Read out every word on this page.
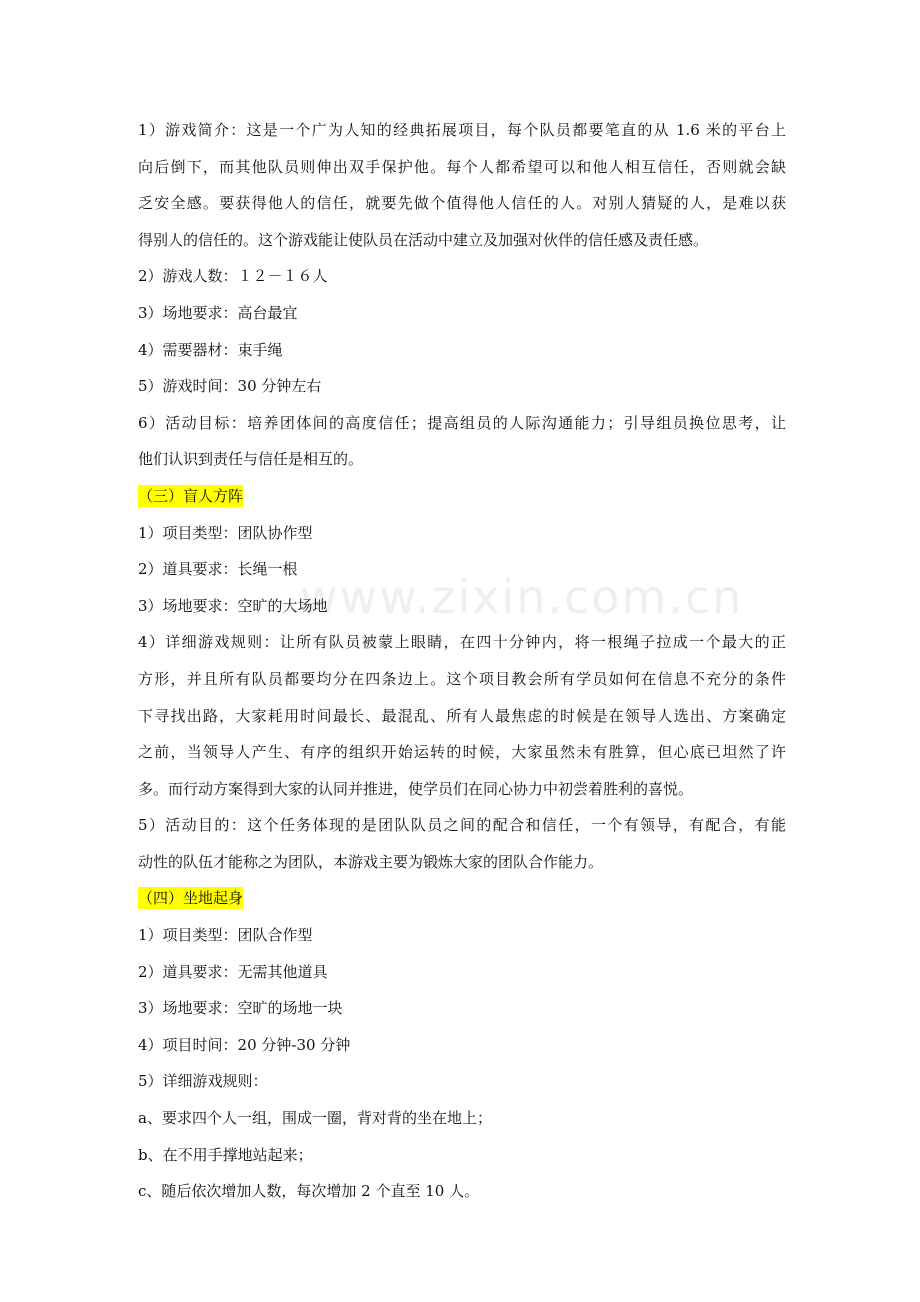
www.zixin.com.cn
1）游戏简介：这是一个广为人知的经典拓展项目，每个队员都要笔直的从 1.6 米的平台上
向后倒下，而其他队员则伸出双手保护他。每个人都希望可以和他人相互信任，否则就会缺
乏安全感。要获得他人的信任，就要先做个值得他人信任的人。对别人猜疑的人，是难以获
得别人的信任的。这个游戏能让使队员在活动中建立及加强对伙伴的信任感及责任感。
2）游戏人数：１２－１６人
3）场地要求：高台最宜
4）需要器材：束手绳
5）游戏时间：30 分钟左右
6）活动目标：培养团体间的高度信任；提高组员的人际沟通能力；引导组员换位思考，让
他们认识到责任与信任是相互的。
（三）盲人方阵
1）项目类型：团队协作型
2）道具要求：长绳一根
3）场地要求：空旷的大场地
4）详细游戏规则：让所有队员被蒙上眼睛，在四十分钟内，将一根绳子拉成一个最大的正
方形，并且所有队员都要均分在四条边上。这个项目教会所有学员如何在信息不充分的条件
下寻找出路，大家耗用时间最长、最混乱、所有人最焦虑的时候是在领导人选出、方案确定
之前，当领导人产生、有序的组织开始运转的时候，大家虽然未有胜算，但心底已坦然了许
多。而行动方案得到大家的认同并推进，使学员们在同心协力中初尝着胜利的喜悦。
5）活动目的：这个任务体现的是团队队员之间的配合和信任，一个有领导，有配合，有能
动性的队伍才能称之为团队，本游戏主要为锻炼大家的团队合作能力。
（四）坐地起身
1）项目类型：团队合作型
2）道具要求：无需其他道具
3）场地要求：空旷的场地一块
4）项目时间：20 分钟-30 分钟
5）详细游戏规则：
a、要求四个人一组，围成一圈，背对背的坐在地上；
b、在不用手撑地站起来；
c、随后依次增加人数，每次增加 2 个直至 10 人。
